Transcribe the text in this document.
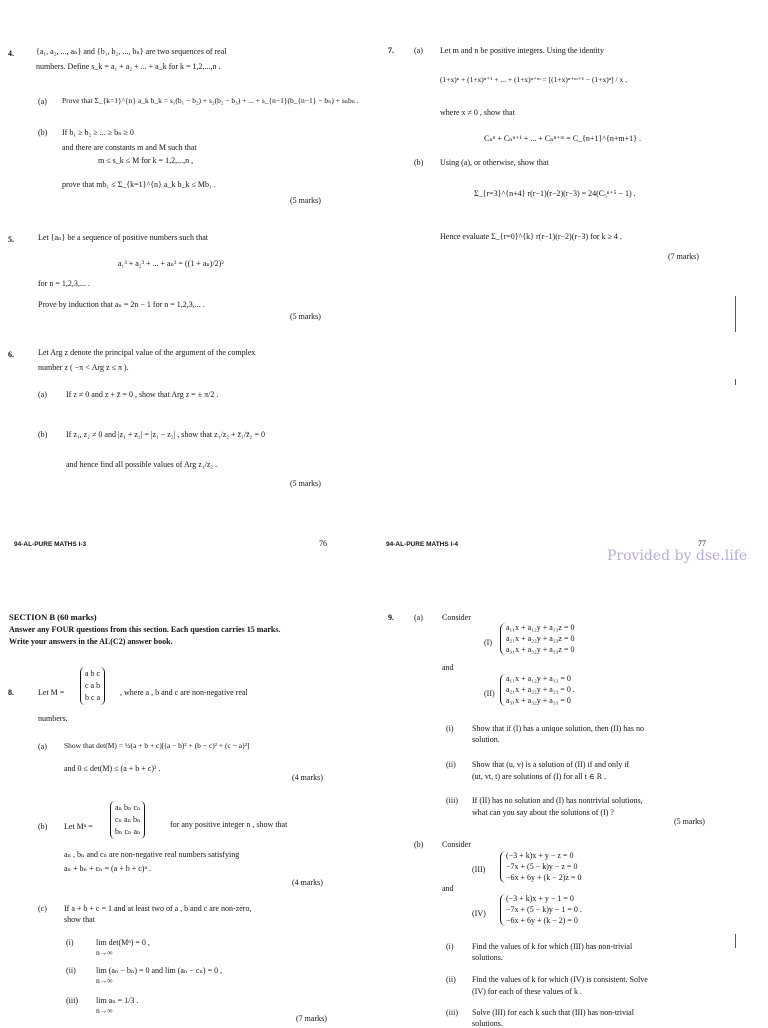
4.	{a₁, a₂, ..., aₙ} and {b₁, b₂, ..., bₙ} are two sequences of real
numbers. Define s_k = a₁ + a₂ + ... + a_k for k = 1,2,...,n .
(a) Prove that Σ_{k=1}^{n} a_k b_k = s₁(b₁ − b₂) + s₂(b₂ − b₃) + ... + s_{n−1}(b_{n−1} − bₙ) + sₙbₙ .
(b) If b₁ ≥ b₂ ≥ ... ≥ bₙ ≥ 0
and there are constants m and M such that
m ≤ s_k ≤ M for k = 1,2,...,n ,
prove that mb₁ ≤ Σ_{k=1}^{n} a_k b_k ≤ Mb₁ .
(5 marks)
5.	Let {aₙ} be a sequence of positive numbers such that
a₁³ + a₂³ + ... + aₙ³ = ((1 + aₙ)/2)²
for n = 1,2,3,... .
Prove by induction that aₙ = 2n − 1 for n = 1,2,3,... .
(5 marks)
6.	Let Arg z denote the principal value of the argument of the complex
number z ( −π < Arg z ≤ π ).
(a) If z ≠ 0 and z + z̄ = 0 , show that Arg z = ± π/2 .
(b) If z₁, z₂ ≠ 0 and |z₁ + z₂| = |z₁ − z₂| , show that z₁/z₂ + z̄₁/z̄₂ = 0
and hence find all possible values of Arg z₁/z₂ .
(5 marks)
7.	(a) Let m and n be positive integers. Using the identity
(1+x)ⁿ + (1+x)ⁿ⁺¹ + ... + (1+x)ⁿ⁺ᵐ = [(1+x)ⁿ⁺ᵐ⁺¹ − (1+x)ⁿ] / x ,
where x ≠ 0 , show that
Cₙⁿ + Cₙⁿ⁺¹ + ... + Cₙⁿ⁺ᵐ = C_{n+1}^{n+m+1} .
(b) Using (a), or otherwise, show that
Σ_{r=3}^{n+4} r(r−1)(r−2)(r−3) = 24(C₅ⁿ⁺⁵ − 1) .
Hence evaluate Σ_{r=0}^{k} r(r−1)(r−2)(r−3) for k ≥ 4 .
(7 marks)
94-AL-PURE MATHS I-3	76	94-AL-PURE MATHS I-4	77
Provided by dse.life
SECTION B (60 marks)
Answer any FOUR questions from this section. Each question carries 15 marks.
Write your answers in the AL(C2) answer book.
8.	Let M =
a b c
c a b
b c a
, where a , b and c are non-negative real
numbers.
(a) Show that det(M) = ½(a + b + c)[(a − b)² + (b − c)² + (c − a)²]
and 0 ≤ det(M) ≤ (a + b + c)³ .
(4 marks)
(b) Let Mⁿ =
aₙ bₙ cₙ
cₙ aₙ bₙ
bₙ cₙ aₙ
for any positive integer n , show that
aₙ , bₙ and cₙ are non-negative real numbers satisfying
aₙ + bₙ + cₙ = (a + b + c)ⁿ .
(4 marks)
(c) If a + b + c = 1 and at least two of a , b and c are non-zero,
show that
(i)	lim det(Mⁿ) = 0 ,
n→∞
(ii)	lim (aₙ − bₙ) = 0 and lim (aₙ − cₙ) = 0 ,
n→∞
(iii) lim aₙ = 1/3 .
n→∞
(7 marks)
9.	(a) Consider
(I)
a₁₁x + a₁₂y + a₁₃z = 0
a₂₁x + a₂₂y + a₂₃z = 0
a₃₁x + a₃₂y + a₃₃z = 0
and
(II)
a₁₁x + a₁₂y + a₁₃ = 0
a₂₁x + a₂₂y + a₂₃ = 0 .
a₃₁x + a₃₂y + a₃₃ = 0
(i) Show that if (I) has a unique solution, then (II) has no
solution.
(ii) Show that (u, v) is a solution of (II) if and only if
(ut, vt, t) are solutions of (I) for all t ∈ R .
(iii) If (II) has no solution and (I) has nontrivial solutions,
what can you say about the solutions of (I) ?
(5 marks)
(b) Consider
(III)
(−3 + k)x + y − z = 0
−7x + (5 − k)y − z = 0
−6x + 6y + (k − 2)z = 0
and
(IV)
(−3 + k)x + y − 1 = 0
−7x + (5 − k)y − 1 = 0 .
−6x + 6y + (k − 2) = 0
(i) Find the values of k for which (III) has non-trivial
solutions.
(ii) Find the values of k for which (IV) is consistent. Solve
(IV) for each of these values of k .
(iii) Solve (III) for each k such that (III) has non-trivial
solutions.
